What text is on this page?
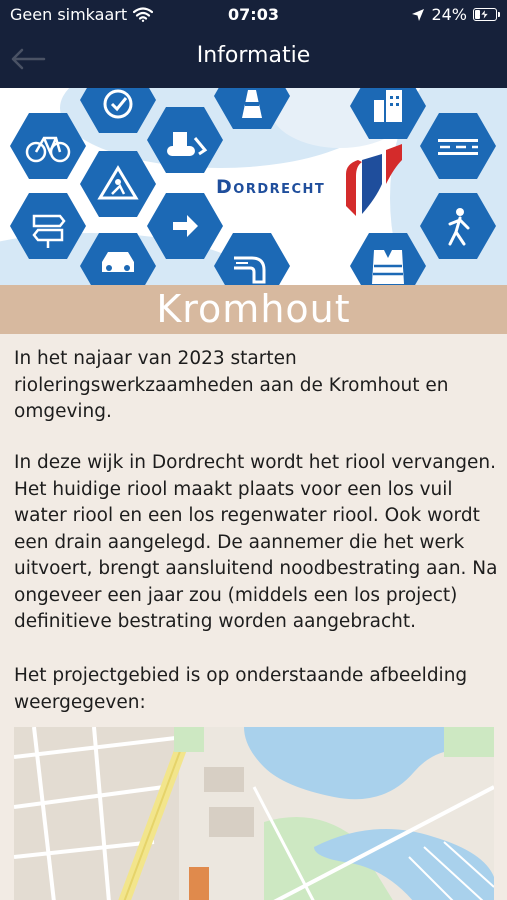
Geen simkaart	07:03	24%
Informatie
Dordrecht
Kromhout

In het najaar van 2023 starten rioleringswerkzaamheden aan de Kromhout en omgeving.

In deze wijk in Dordrecht wordt het riool vervangen. Het huidige riool maakt plaats voor een los vuil water riool en een los regenwater riool. Ook wordt een drain aangelegd. De aannemer die het werk uitvoert, brengt aansluitend noodbestrating aan. Na ongeveer een jaar zou (middels een los project) definitieve bestrating worden aangebracht.

Het projectgebied is op onderstaande afbeelding weergegeven:
